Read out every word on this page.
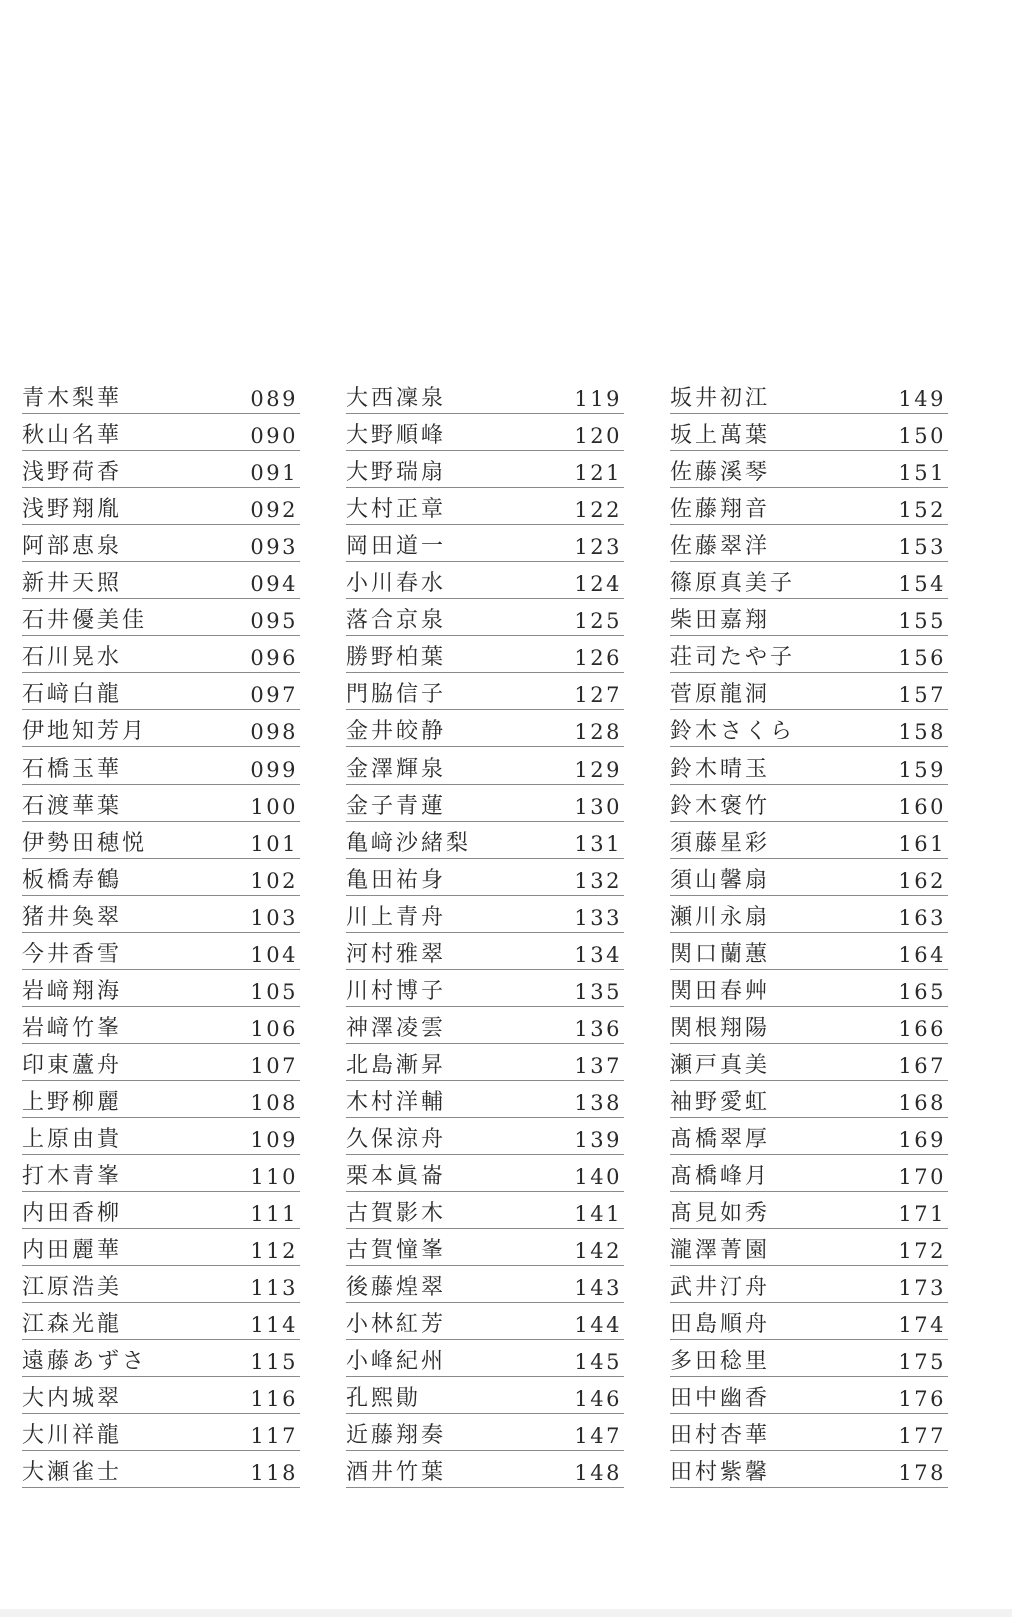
青木梨華	089
秋山名華	090
浅野荷香	091
浅野翔胤	092
阿部恵泉	093
新井天照	094
石井優美佳	095
石川晃水	096
石﨑白龍	097
伊地知芳月	098
石橋玉華	099
石渡華葉	100
伊勢田穂悦	101
板橋寿鶴	102
猪井奐翠	103
今井香雪	104
岩﨑翔海	105
岩﨑竹峯	106
印東蘆舟	107
上野柳麗	108
上原由貴	109
打木青峯	110
内田香柳	111
内田麗華	112
江原浩美	113
江森光龍	114
遠藤あずさ	115
大内城翠	116
大川祥龍	117
大瀬雀士	118
大西凜泉	119
大野順峰	120
大野瑞扇	121
大村正章	122
岡田道一	123
小川春水	124
落合京泉	125
勝野柏葉	126
門脇信子	127
金井皎静	128
金澤輝泉	129
金子青蓮	130
亀﨑沙緒梨	131
亀田祐身	132
川上青舟	133
河村雅翠	134
川村博子	135
神澤凌雲	136
北島漸昇	137
木村洋輔	138
久保涼舟	139
栗本眞崙	140
古賀影木	141
古賀憧峯	142
後藤煌翠	143
小林紅芳	144
小峰紀州	145
孔熙勛	146
近藤翔奏	147
酒井竹葉	148
坂井初江	149
坂上萬葉	150
佐藤溪琴	151
佐藤翔音	152
佐藤翠洋	153
篠原真美子	154
柴田嘉翔	155
荘司たや子	156
菅原龍洞	157
鈴木さくら	158
鈴木晴玉	159
鈴木褒竹	160
須藤星彩	161
須山馨扇	162
瀬川永扇	163
関口蘭蕙	164
関田春艸	165
関根翔陽	166
瀬戸真美	167
袖野愛虹	168
髙橋翠厚	169
髙橋峰月	170
髙見如秀	171
瀧澤菁園	172
武井汀舟	173
田島順舟	174
多田稔里	175
田中幽香	176
田村杏華	177
田村紫馨	178
